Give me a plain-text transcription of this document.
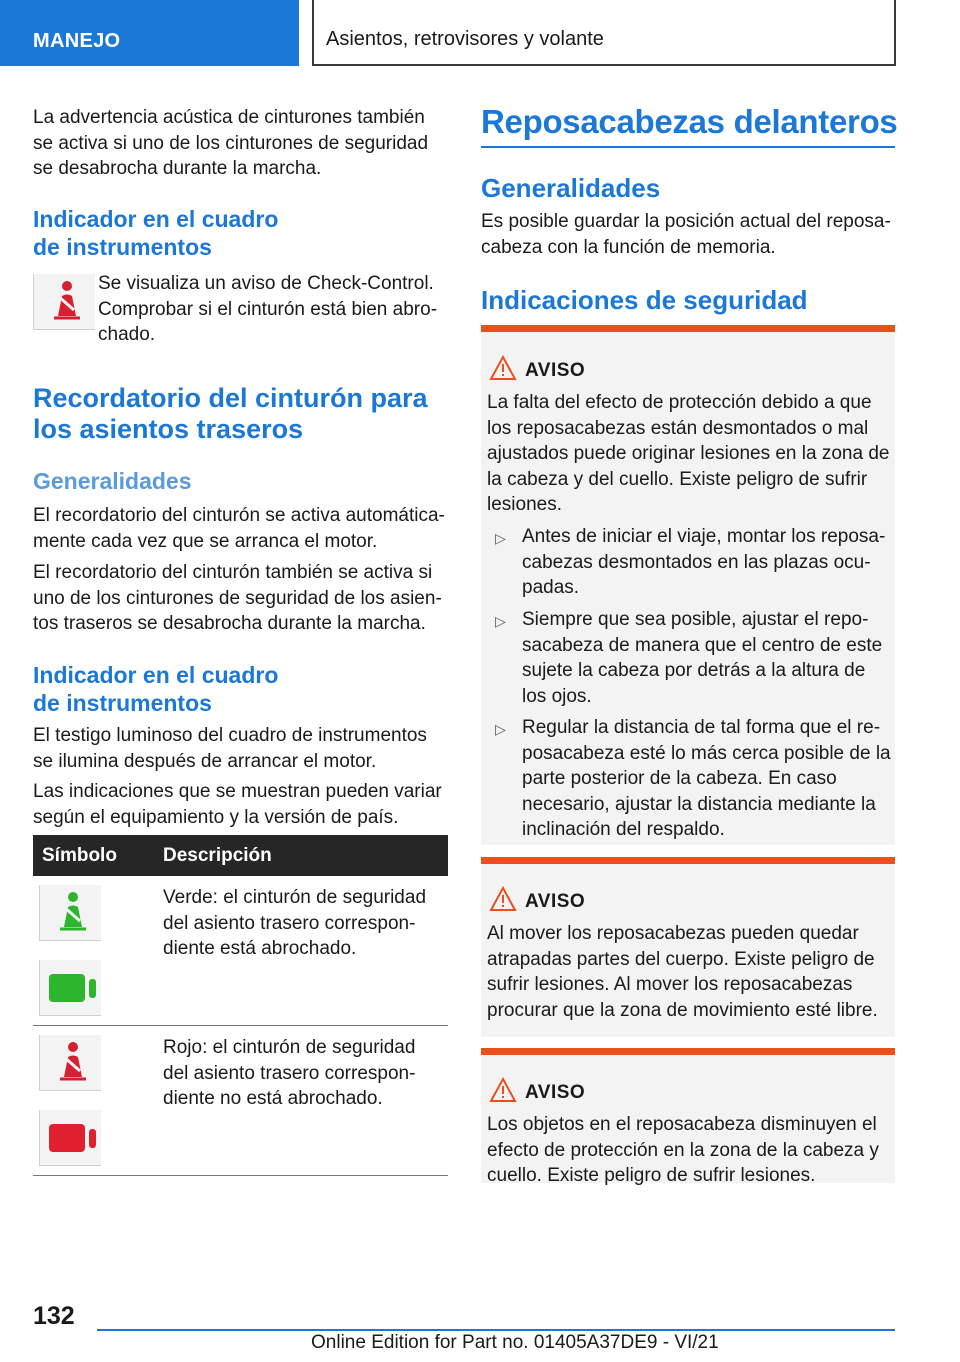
MANEJO	Asientos, retrovisores y volante

La advertencia acústica de cinturones también se activa si uno de los cinturones de seguridad se desabrocha durante la marcha.

Indicador en el cuadro
de instrumentos

Se visualiza un aviso de Check-Control. Comprobar si el cinturón está bien abrochado.

Recordatorio del cinturón para
los asientos traseros
Generalidades

El recordatorio del cinturón se activa automáticamente cada vez que se arranca el motor.

El recordatorio del cinturón también se activa si uno de los cinturones de seguridad de los asientos traseros se desabrocha durante la marcha.

Indicador en el cuadro
de instrumentos

El testigo luminoso del cuadro de instrumentos se ilumina después de arrancar el motor.

Las indicaciones que se muestran pueden variar según el equipamiento y la versión de país.

Símbolo Descripción

Verde: el cinturón de seguridad del asiento trasero correspondiente está abrochado.

Rojo: el cinturón de seguridad del asiento trasero correspondiente no está abrochado.

Reposacabezas delanteros
Generalidades

Es posible guardar la posición actual del reposacabeza con la función de memoria.

Indicaciones de seguridad
AVISO

La falta del efecto de protección debido a que los reposacabezas están desmontados o mal ajustados puede originar lesiones en la zona de la cabeza y del cuello. Existe peligro de sufrir lesiones.

▷ Antes de iniciar el viaje, montar los reposacabezas desmontados en las plazas ocupadas.

▷ Siempre que sea posible, ajustar el reposacabeza de manera que el centro de este sujete la cabeza por detrás a la altura de los ojos.

▷ Regular la distancia de tal forma que el reposacabeza esté lo más cerca posible de la parte posterior de la cabeza. En caso necesario, ajustar la distancia mediante la inclinación del respaldo.

AVISO

Al mover los reposacabezas pueden quedar atrapadas partes del cuerpo. Existe peligro de sufrir lesiones. Al mover los reposacabezas procurar que la zona de movimiento esté libre.

AVISO

Los objetos en el reposacabeza disminuyen el efecto de protección en la zona de la cabeza y cuello. Existe peligro de sufrir lesiones.

132
Online Edition for Part no. 01405A37DE9 - VI/21
